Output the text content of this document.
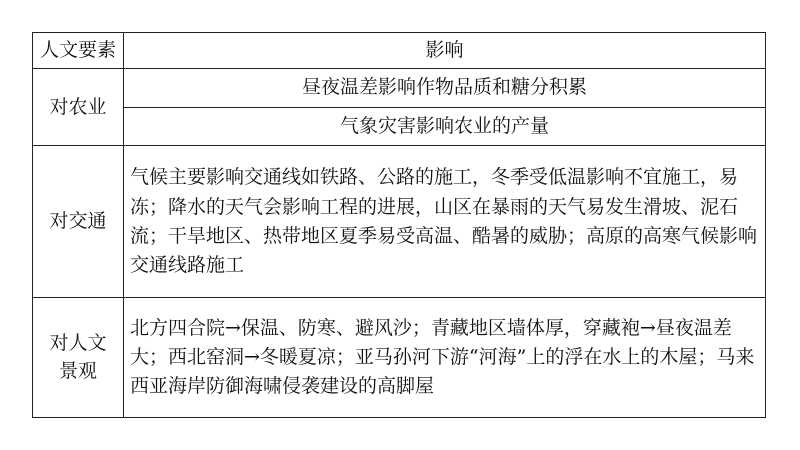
人文要素	影响
对农业	昼夜温差影响作物品质和糖分积累
	气象灾害影响农业的产量
对交通	气候主要影响交通线如铁路、公路的施工，冬季受低温影响不宜施工，易冻；降水的天气会影响工程的进展，山区在暴雨的天气易发生滑坡、泥石流；干旱地区、热带地区夏季易受高温、酷暑的威胁；高原的高寒气候影响交通线路施工

对人文
景观	北方四合院→保温、防寒、避风沙；青藏地区墙体厚，穿藏袍→昼夜温差大；西北窑洞→冬暖夏凉；亚马孙河下游“河海”上的浮在水上的木屋；马来西亚海岸防御海啸侵袭建设的高脚屋
